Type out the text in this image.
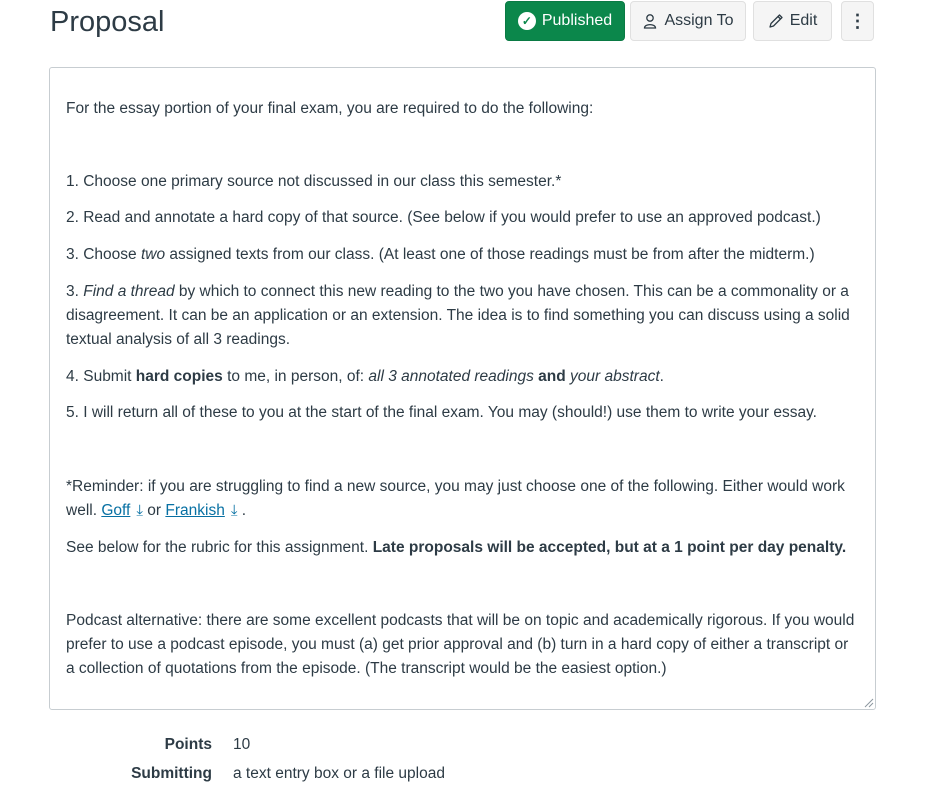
Proposal	✓ Published	Assign To	Edit ⋮

For the essay portion of your final exam, you are required to do the following:

1. Choose one primary source not discussed in our class this semester.*

2. Read and annotate a hard copy of that source. (See below if you would prefer to use an approved podcast.)

3. Choose two assigned texts from our class. (At least one of those readings must be from after the midterm.)

3. Find a thread by which to connect this new reading to the two you have chosen. This can be a commonality or a disagreement. It can be an application or an extension. The idea is to find something you can discuss using a solid textual analysis of all 3 readings.

4. Submit hard copies to me, in person, of: all 3 annotated readings and your abstract.

5. I will return all of these to you at the start of the final exam. You may (should!) use them to write your essay.

*Reminder: if you are struggling to find a new source, you may just choose one of the following. Either would work well. Goff ⤓ or Frankish ⤓ .

See below for the rubric for this assignment. Late proposals will be accepted, but at a 1 point per day penalty.

Podcast alternative: there are some excellent podcasts that will be on topic and academically rigorous. If you would prefer to use a podcast episode, you must (a) get prior approval and (b) turn in a hard copy of either a transcript or a collection of quotations from the episode. (The transcript would be the easiest option.)

Points 10
Submitting a text entry box or a file upload
